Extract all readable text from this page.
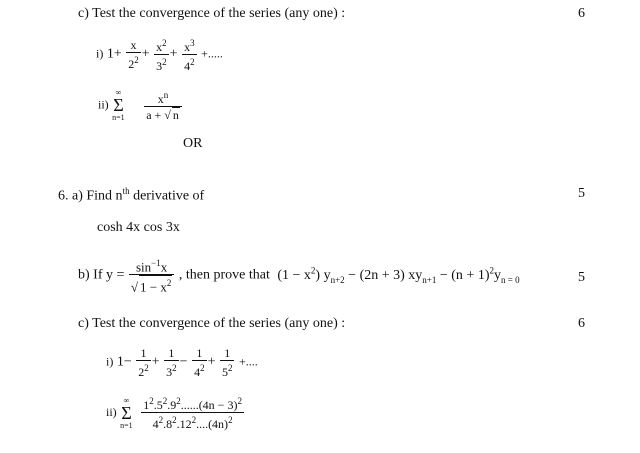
c) Test the convergence of the series (any one) :	6
i) $1+ \frac{x}{2^2} + \frac{x^2}{3^2} + \frac{x^3}{4^2}$ +.....
ii)
∞
Σ
n=1
$\frac{x^n}{a + √ n}$
OR
6. a) Find $n^{th}$ derivative of	5
cosh 4x cos 3x
b) If $y = \frac{\sin^{-1}x}{√ 1 - x^2}$ , then prove that $(1 - x^2)$ $y_{n+2} - (2n + 3) xy_{n+1} - (n + 1)^2y_{n = 0}$	5
c) Test the convergence of the series (any one) :	6
i) $1- \frac{1}{2^2} + \frac{1}{3^2} - \frac{1}{4^2} + \frac{1}{5^2}$ +....
ii)
∞
Σ
n=1
$\frac{1^2.5^2.9^2......(4n - 3)^2}{4^2.8^2.12^2....(4n)^2}$
